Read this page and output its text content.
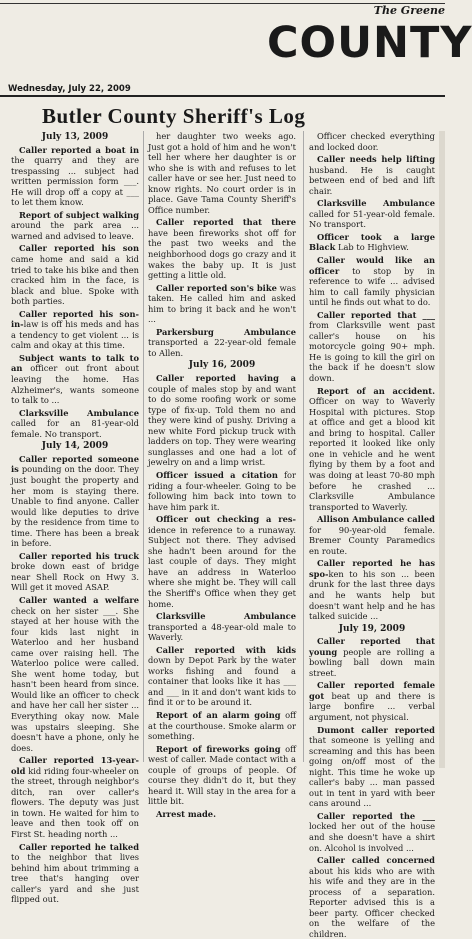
The Greene
COUNTY
Wednesday, July 22, 2009
Butler County Sheriff's Log
July 13, 2009
Caller reported a boat in the quarry and they are trespassing ... subject had written permission form ___. He will drop off a copy at ___ to let them know.
Report of subject walking around the park area ... warned and advised to leave.
Caller reported his son came home and said a kid tried to take his bike and then cracked him in the face, is black and blue. Spoke with both parties.
Caller reported his son-in-law is off his meds and has a tendency to get violent ... is calm and okay at this time.
Subject wants to talk to an officer out front about leaving the home. Has Alzheimer's, wants someone to talk to ...
Clarksville Ambulance called for an 81-year-old female. No transport.
July 14, 2009
Caller reported someone is pounding on the door. They just bought the property and her mom is staying there. Unable to find anyone. Caller would like deputies to drive by the residence from time to time. There has been a break in before.
Caller reported his truck broke down east of bridge near Shell Rock on Hwy 3. Will get it moved ASAP.
Caller wanted a welfare check on her sister ___. She stayed at her house with the four kids last night in Waterloo and her husband came over raising hell. The Waterloo police were called. She went home today, but hasn't been heard from since. Would like an officer to check and have her call her sister ... Everything okay now. Male was upstairs sleeping. She doesn't have a phone, only he does.
Caller reported 13-year-old kid riding four-wheeler on the street, through neighbor's ditch, ran over caller's flowers. The deputy was just in town. He waited for him to leave and then took off on First St. heading north ...
Caller reported he talked to the neighbor that lives behind him about trimming a tree that's hanging over caller's yard and she just flipped out.
her daughter two weeks ago. Just got a hold of him and he won't tell her where her daughter is or who she is with and refuses to let caller have or see her. Just need to know rights. No court order is in place. Gave Tama County Sheriff's Office number.
Caller reported that there have been fireworks shot off for the past two weeks and the neighborhood dogs go crazy and it wakes the baby up. It is just getting a little old.
Caller reported son's bike was taken. He called him and asked him to bring it back and he won't ...
Parkersburg Ambulance transported a 22-year-old female to Allen.
July 16, 2009
Caller reported having a couple of males stop by and want to do some roofing work or some type of fix-up. Told them no and they were kind of pushy. Driving a new white Ford pickup truck with ladders on top. They were wearing sunglasses and one had a lot of jewelry on and a limp wrist.
Officer issued a citation for riding a four-wheeler. Going to be following him back into town to have him park it.
Officer out checking a res-idence in reference to a runaway. Subject not there. They advised she hadn't been around for the last couple of days. They might have an address in Waterloo where she might be. They will call the Sheriff's Office when they get home.
Clarksville Ambulance transported a 48-year-old male to Waverly.
Caller reported with kids down by Depot Park by the water works fishing and found a container that looks like it has ___ and ___ in it and don't want kids to find it or to be around it.
Report of an alarm going off at the courthouse. Smoke alarm or something.
Report of fireworks going off west of caller. Made contact with a couple of groups of people. Of course they didn't do it, but they heard it. Will stay in the area for a little bit.
Arrest made.
Officer checked everything and locked door.
Caller needs help lifting husband. He is caught between end of bed and lift chair.
Clarksville Ambulance called for 51-year-old female. No transport.
Officer took a large Black Lab to Highview.
Caller would like an officer to stop by in reference to wife ... advised him to call family physician until he finds out what to do.
Caller reported that ___ from Clarksville went past caller's house on his motorcycle going 90+ mph. He is going to kill the girl on the back if he doesn't slow down.
Report of an accident. Officer on way to Waverly Hospital with pictures. Stop at office and get a blood kit and bring to hospital. Caller reported it looked like only one in vehicle and he went flying by them by a foot and was doing at least 70-80 mph before he crashed ... Clarksville Ambulance transported to Waverly.
Allison Ambulance called for 90-year-old female. Bremer County Paramedics en route.
Caller reported he has spo-ken to his son ... been drunk for the last three days and he wants help but doesn't want help and he has talked suicide ...
July 19, 2009
Caller reported that young people are rolling a bowling ball down main street.
Caller reported female got beat up and there is large bonfire ... verbal argument, not physical.
Dumont caller reported that someone is yelling and screaming and this has been going on/off most of the night. This time he woke up caller's baby ... man passed out in tent in yard with beer cans around ...
Caller reported the ___ locked her out of the house and she doesn't have a shirt on. Alcohol is involved ...
Caller called concerned about his kids who are with his wife and they are in the process of a separation. Reporter advised this is a beer party. Officer checked on the welfare of the children.
